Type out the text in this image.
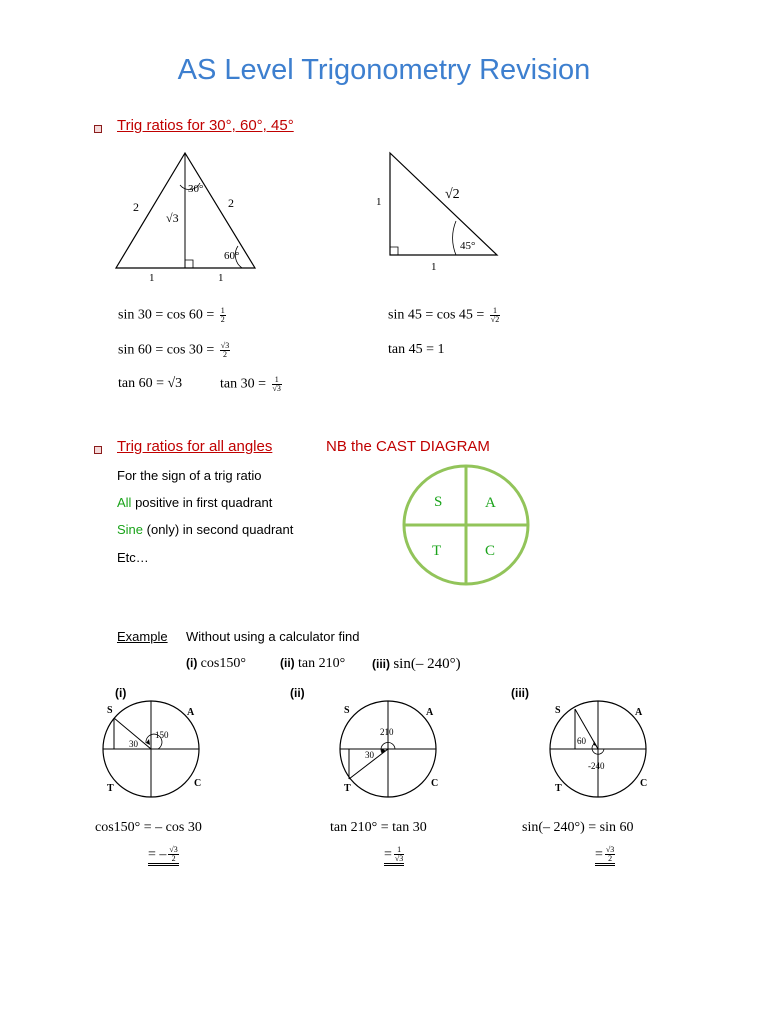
AS Level Trigonometry Revision
Trig ratios for 30°, 60°, 45°
2	2
√3
30°
60°
1	1
1	√2
45°
1
$\sin 30 = \cos 60 = \frac{1}{2}$
$\sin 60 = \cos 30 = \frac{√3}{2}$
tan 60 = √3	$\tan 30 = \frac{1}{√3}$
$\sin 45 = \cos 45 = \frac{1}{√2}$
tan 45 = 1
Trig ratios for all angles	NB the CAST DIAGRAM
For the sign of a trig ratio
All positive in first quadrant
Sine (only) in second quadrant
Etc…
S	A
T	C
Example Without using a calculator find
(i) cos150°	(ii) tan 210° (iii) sin(– 240°)
(i)	(ii)	(iii)
S	A
T	C
150
30
S	A
T	C
210
30
S	A
T	C
-240
60
cos150° = – cos 30
= – $\frac{√3}{2}$
tan 210° = tan 30
= $\frac{1}{√3}$
sin(– 240°) = sin 60
= $\frac{√3}{2}$
